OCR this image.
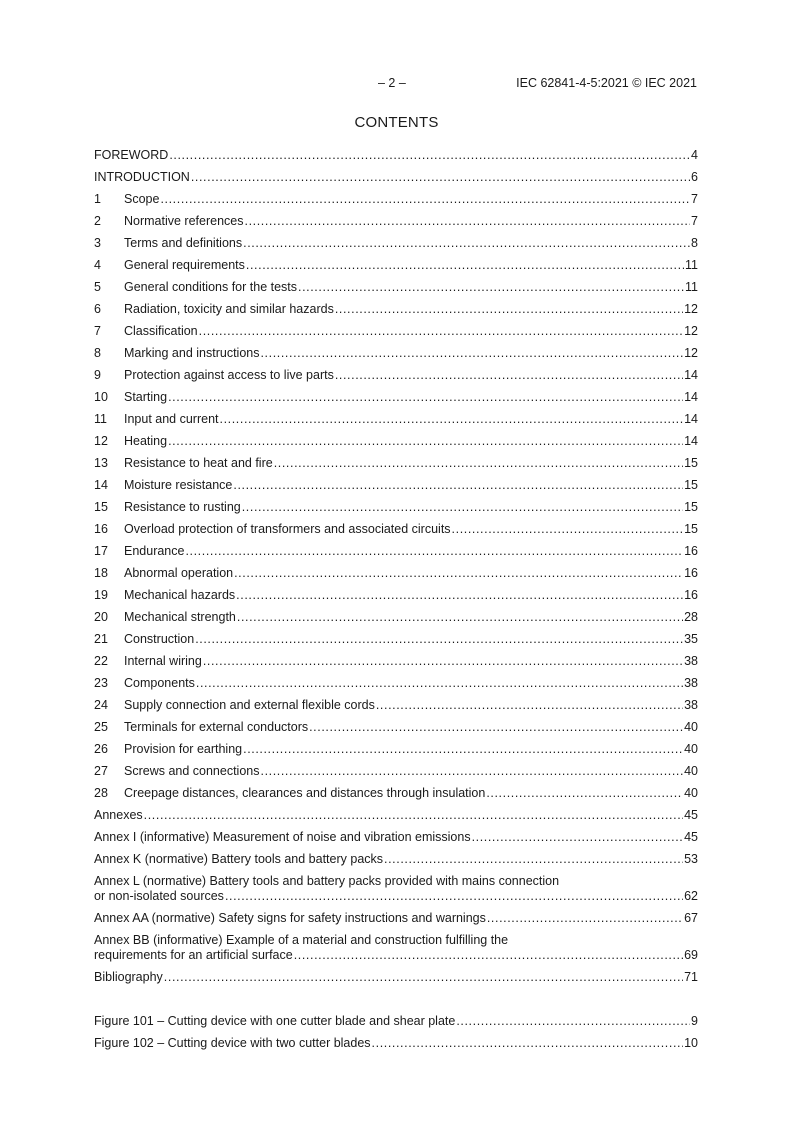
– 2 –	IEC 62841-4-5:2021 © IEC 2021
CONTENTS
FOREWORD .....	4
INTRODUCTION .....	6
1	Scope .....	7
2	Normative references .....	7
3	Terms and definitions .....	8
4	General requirements .....	11
5	General conditions for the tests .....	11
6	Radiation, toxicity and similar hazards .....	12
7	Classification .....	12
8	Marking and instructions .....	12
9	Protection against access to live parts .....	14
10	Starting .....	14
11	Input and current .....	14
12	Heating .....	14
13	Resistance to heat and fire .....	15
14	Moisture resistance .....	15
15	Resistance to rusting .....	15
16	Overload protection of transformers and associated circuits .....	15
17	Endurance .....	16
18	Abnormal operation .....	16
19	Mechanical hazards .....	16
20	Mechanical strength .....	28
21	Construction .....	35
22	Internal wiring .....	38
23	Components .....	38
24	Supply connection and external flexible cords .....	38
25	Terminals for external conductors .....	40
26	Provision for earthing .....	40
27	Screws and connections .....	40
28	Creepage distances, clearances and distances through insulation .....	40
Annexes .....	45
Annex I (informative) Measurement of noise and vibration emissions .....	45
Annex K (normative) Battery tools and battery packs .....	53
Annex L (normative) Battery tools and battery packs provided with mains connection
or non-isolated sources .....	62
Annex AA (normative) Safety signs for safety instructions and warnings .....	67
Annex BB (informative) Example of a material and construction fulfilling the
requirements for an artificial surface .....	69
Bibliography .....	71
Figure 101 – Cutting device with one cutter blade and shear plate .....	9
Figure 102 – Cutting device with two cutter blades .....	10
